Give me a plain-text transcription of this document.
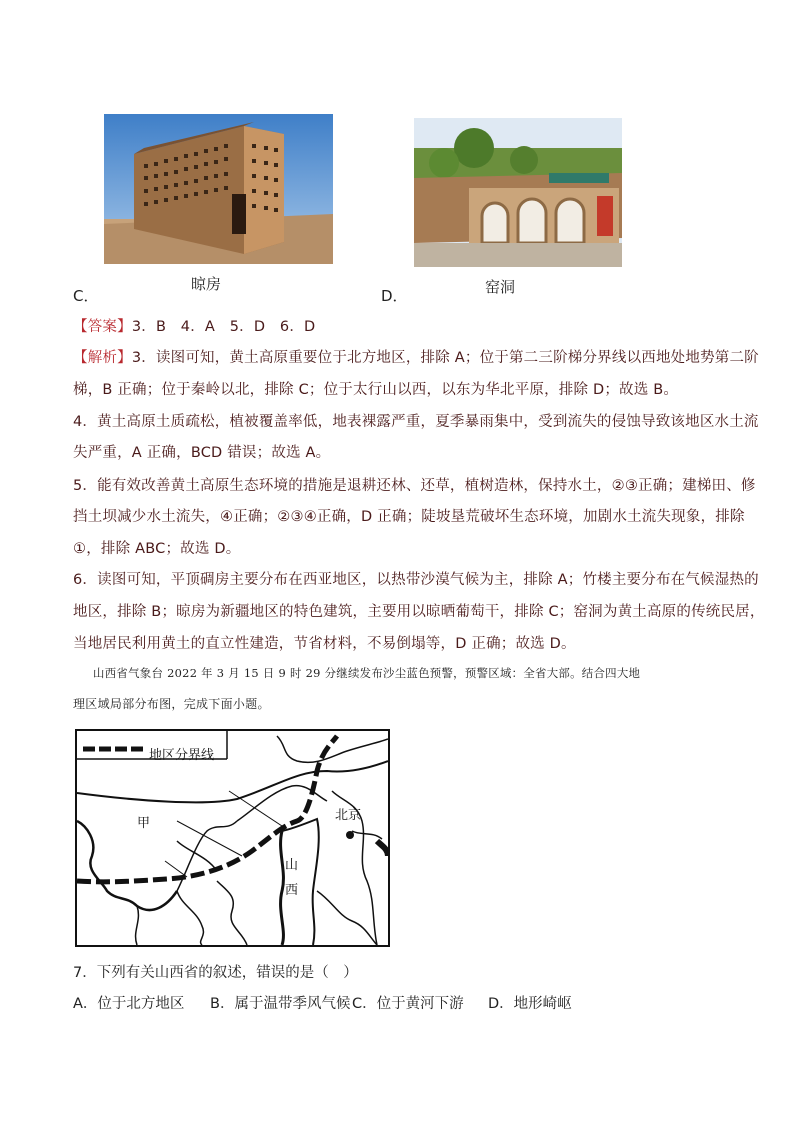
C．
晾房
D．	窑洞
【答案】3．B　4．A　5．D　6．D
【解析】3．读图可知，黄土高原重要位于北方地区，排除 A；位于第二三阶梯分界线以西地处地势第二阶
梯，B 正确；位于秦岭以北，排除 C；位于太行山以西，以东为华北平原，排除 D；故选 B。
4．黄土高原土质疏松，植被覆盖率低，地表裸露严重，夏季暴雨集中，受到流失的侵蚀导致该地区水土流
失严重，A 正确，BCD 错误；故选 A。
5．能有效改善黄土高原生态环境的措施是退耕还林、还草，植树造林，保持水土，②③正确；建梯田、修
挡土坝减少水土流失，④正确；②③④正确，D 正确；陡坡垦荒破坏生态环境，加剧水土流失现象，排除
①，排除 ABC；故选 D。
6．读图可知，平顶碉房主要分布在西亚地区，以热带沙漠气候为主，排除 A；竹楼主要分布在气候湿热的
地区，排除 B；晾房为新疆地区的特色建筑，主要用以晾晒葡萄干，排除 C；窑洞为黄土高原的传统民居，
当地居民利用黄土的直立性建造，节省材料，不易倒塌等，D 正确；故选 D。
山西省气象台 2022 年 3 月 15 日 9 时 29 分继续发布沙尘蓝色预警，预警区域：全省大部。结合四大地
理区域局部分布图，完成下面小题。
地区分界线
甲
北京
山
西
7．下列有关山西省的叙述，错误的是（　）
A．位于北方地区 B．属于温带季风气候 C．位于黄河下游 D．地形崎岖
